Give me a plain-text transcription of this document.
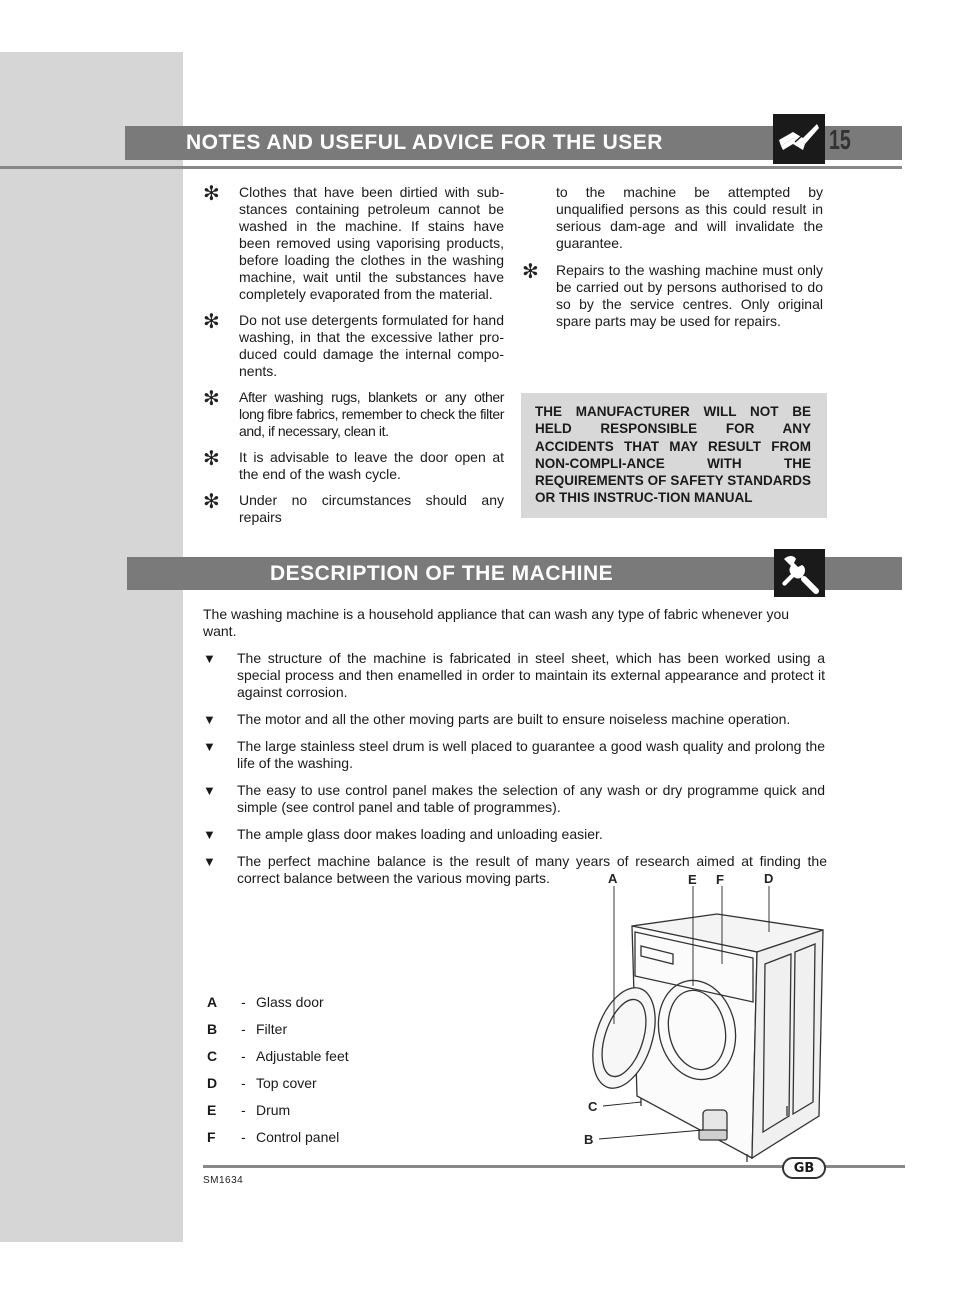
NOTES AND USEFUL ADVICE FOR THE USER	15
✻ Clothes that have been dirtied with sub-stances containing petroleum cannot be washed in the machine. If stains have been removed using vaporising products, before loading the clothes in the washing machine, wait until the substances have completely evaporated from the material.
✻ Do not use detergents formulated for hand washing, in that the excessive lather pro-duced could damage the internal compo-nents.
✻ After washing rugs, blankets or any other long fibre fabrics, remember to check the filter and, if necessary, clean it.
✻ It is advisable to leave the door open at the end of the wash cycle.
✻ Under no circumstances should any repairs
to the machine be attempted by unqualified persons as this could result in serious dam-age and will invalidate the guarantee.
✻ Repairs to the washing machine must only be carried out by persons authorised to do so by the service centres. Only original spare parts may be used for repairs.
THE MANUFACTURER WILL NOT BE HELD RESPONSIBLE FOR ANY ACCIDENTS THAT MAY RESULT FROM NON-COMPLI-ANCE WITH THE REQUIREMENTS OF SAFETY STANDARDS OR THIS INSTRUC-TION MANUAL
DESCRIPTION OF THE MACHINE
The washing machine is a household appliance that can wash any type of fabric whenever you want.
▼ The structure of the machine is fabricated in steel sheet, which has been worked using a special process and then enamelled in order to maintain its external appearance and protect it against corrosion.
▼ The motor and all the other moving parts are built to ensure noiseless machine operation.
▼ The large stainless steel drum is well placed to guarantee a good wash quality and prolong the life of the washing.
▼ The easy to use control panel makes the selection of any wash or dry programme quick and simple (see control panel and table of programmes).
▼ The ample glass door makes loading and unloading easier.
▼ The perfect machine balance is the result of many years of research aimed at finding the correct balance between the various moving parts.
A	- Glass door
B	- Filter
C	- Adjustable feet
D	- Top cover
E	- Drum
F	- Control panel
A	E F	D
C
B
GB
SM1634
